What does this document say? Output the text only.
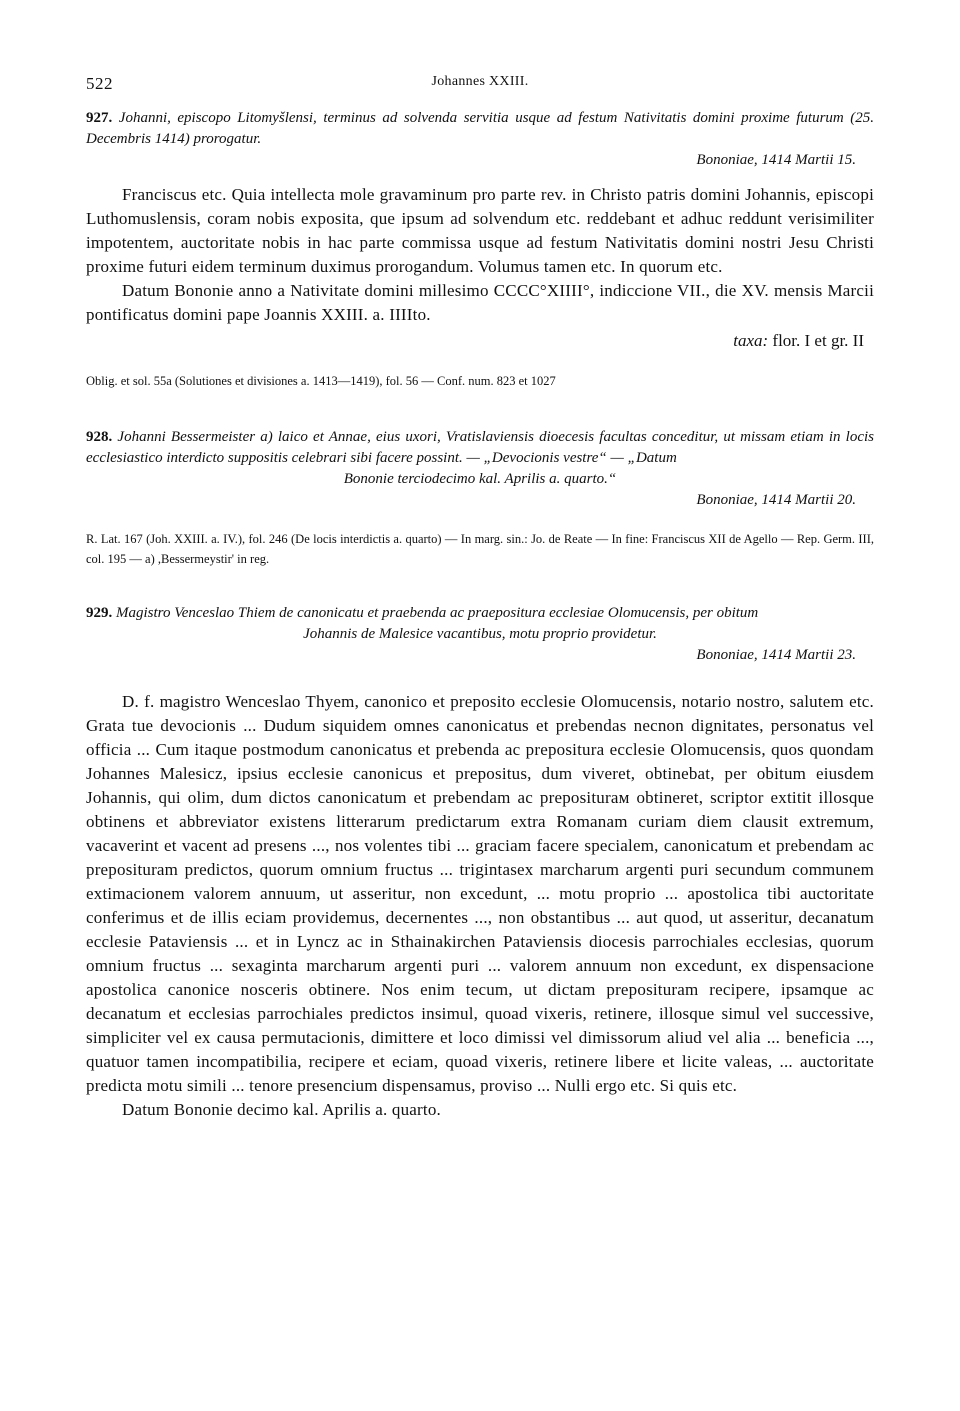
522	Johannes XXIII.
927. Johanni, episcopo Litomyšlensi, terminus ad solvenda servitia usque ad festum Nativitatis domini proxime futurum (25. Decembris 1414) prorogatur.
Bononiae, 1414 Martii 15.

Franciscus etc. Quia intellecta mole gravaminum pro parte rev. in Christo patris domini Johannis, episcopi Luthomuslensis, coram nobis exposita, que ipsum ad solvendum etc. reddebant et adhuc reddunt verisimiliter impotentem, auctoritate nobis in hac parte commissa usque ad festum Nativitatis domini nostri Jesu Christi proxime futuri eidem terminum duximus prorogandum. Volumus tamen etc. In quorum etc.

Datum Bononie anno a Nativitate domini millesimo CCCC°XIIII°, indiccione VII., die XV. mensis Marcii pontificatus domini pape Joannis XXIII. a. IIIIto.

taxa: flor. I et gr. II
Oblig. et sol. 55a (Solutiones et divisiones a. 1413—1419), fol. 56 — Conf. num. 823 et 1027
928. Johanni Bessermeister a) laico et Annae, eius uxori, Vratislaviensis dioecesis facultas conceditur, ut missam etiam in locis ecclesiastico interdicto suppositis celebrari sibi facere possint. — „Devocionis vestre“ — „Datum
Bononie terciodecimo kal. Aprilis a. quarto.“
Bononiae, 1414 Martii 20.
R. Lat. 167 (Joh. XXIII. a. IV.), fol. 246 (De locis interdictis a. quarto) — In marg. sin.: Jo. de Reate — In fine: Franciscus XII de Agello — Rep. Germ. III, col. 195 — a) ,Bessermeystir' in reg.
929. Magistro Venceslao Thiem de canonicatu et praebenda ac praepositura ecclesiae Olomucensis, per obitum
Johannis de Malesice vacantibus, motu proprio providetur.
Bononiae, 1414 Martii 23.

D. f. magistro Wenceslao Thyem, canonico et preposito ecclesie Olomucensis, notario nostro, salutem etc. Grata tue devocionis ... Dudum siquidem omnes canonicatus et prebendas necnon dignitates, personatus vel officia ... Cum itaque postmodum canonicatus et prebenda ac prepositura ecclesie Olomucensis, quos quondam Johannes Malesicz, ipsius ecclesie canonicus et prepositus, dum viveret, obtinebat, per obitum eiusdem Johannis, qui olim, dum dictos canonicatum et prebendam ac prepositurам obtineret, scriptor extitit illosque obtinens et abbreviator existens litterarum predictarum extra Romanam curiam diem clausit extremum, vacaverint et vacent ad presens ..., nos volentes tibi ... graciam facere specialem, canonicatum et prebendam ac preposituram predictos, quorum omnium fructus ... trigintasex marcharum argenti puri secundum communem extimacionem valorem annuum, ut asseritur, non excedunt, ... motu proprio ... apostolica tibi auctoritate conferimus et de illis eciam providemus, decernentes ..., non obstantibus ... aut quod, ut asseritur, decanatum ecclesie Pataviensis ... et in Lyncz ac in Sthainakirchen Pataviensis diocesis parrochiales ecclesias, quorum omnium fructus ... sexaginta marcharum argenti puri ... valorem annuum non excedunt, ex dispensacione apostolica canonice nosceris obtinere. Nos enim tecum, ut dictam preposituram recipere, ipsamque ac decanatum et ecclesias parrochiales predictos insimul, quoad vixeris, retinere, illosque simul vel successive, simpliciter vel ex causa permutacionis, dimittere et loco dimissi vel dimissorum aliud vel alia ... beneficia ..., quatuor tamen incompatibilia, recipere et eciam, quoad vixeris, retinere libere et licite valeas, ... auctoritate predicta motu simili ... tenore presencium dispensamus, proviso ... Nulli ergo etc. Si quis etc.

Datum Bononie decimo kal. Aprilis a. quarto.
